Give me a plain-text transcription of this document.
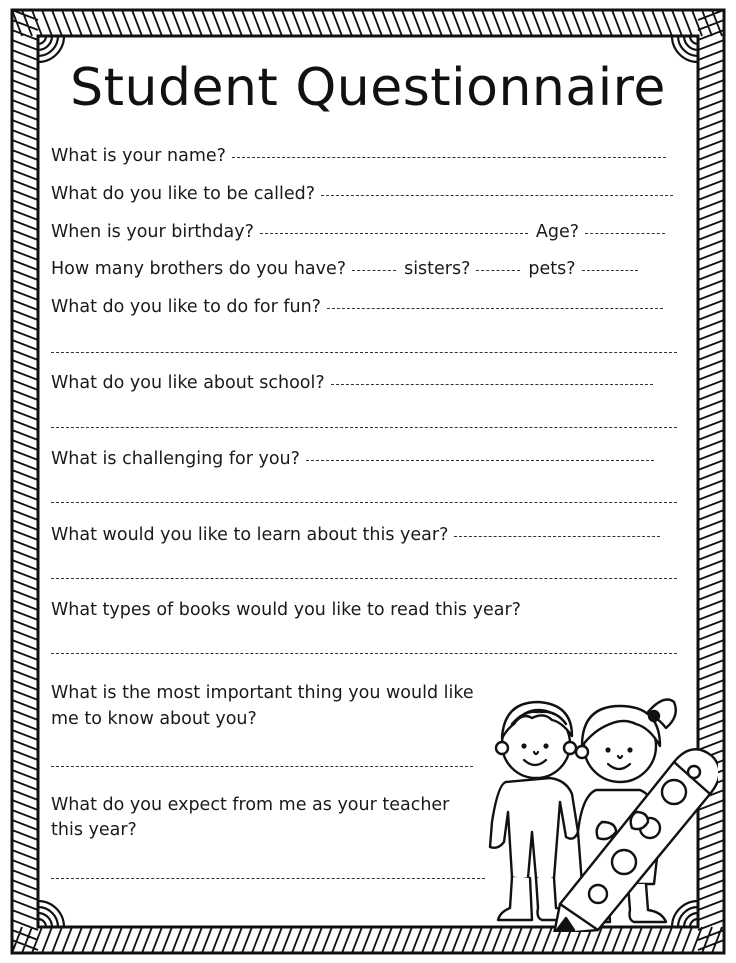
Student Questionnaire
What is your name?
What do you like to be called?
When is your birthday?	Age?
How many brothers do you have?	sisters?	pets?
What do you like to do for fun?
What do you like about school?
What is challenging for you?
What would you like to learn about this year?
What types of books would you like to read this year?
What is the most important thing you would like
me to know about you?
What do you expect from me as your teacher
this year?
